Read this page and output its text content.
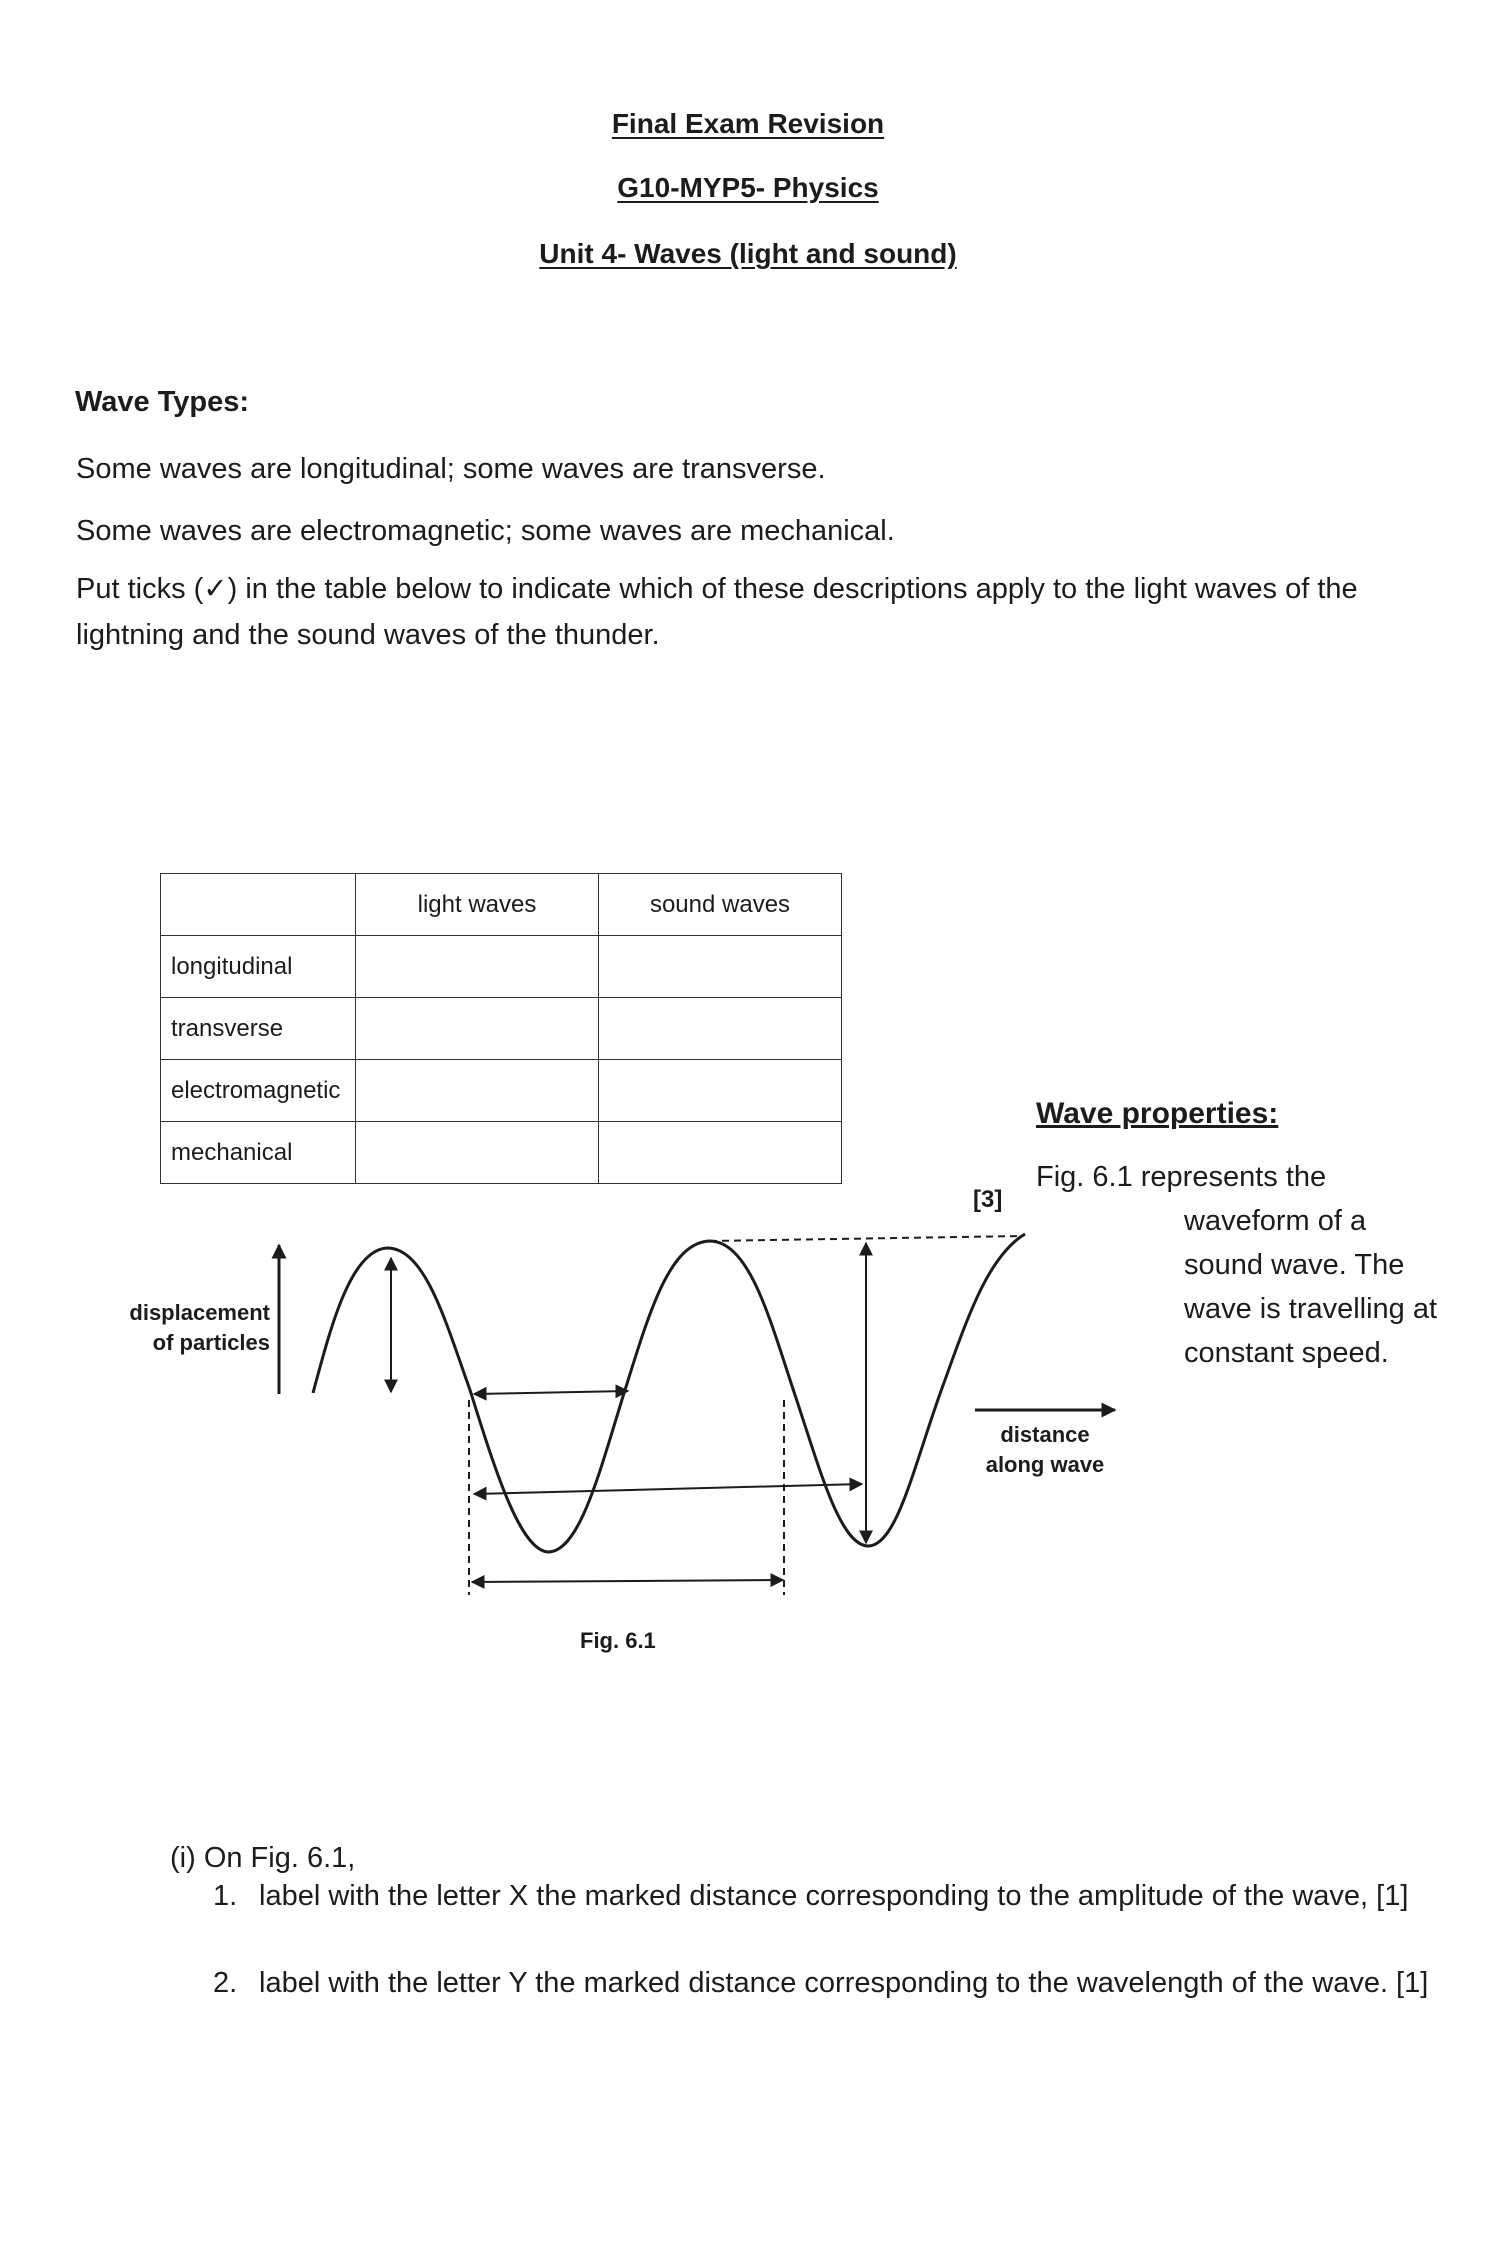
Final Exam Revision
G10-MYP5- Physics
Unit 4- Waves (light and sound)
Wave Types:
Some waves are longitudinal; some waves are transverse.
Some waves are electromagnetic; some waves are mechanical.
Put ticks (✓) in the table below to indicate which of these descriptions apply to the light waves of the lightning and the sound waves of the thunder.
	light waves	sound waves
longitudinal		
transverse		
electromagnetic		
mechanical		
[3]
Wave properties:
Fig. 6.1 represents the
waveform of a
sound wave. The
wave is travelling at
constant speed.
displacement
of particles
distance
along wave
Fig. 6.1
(i) On Fig. 6.1,
1. label with the letter X the marked distance corresponding to the amplitude of the wave, [1]
2. label with the letter Y the marked distance corresponding to the wavelength of the wave. [1]
